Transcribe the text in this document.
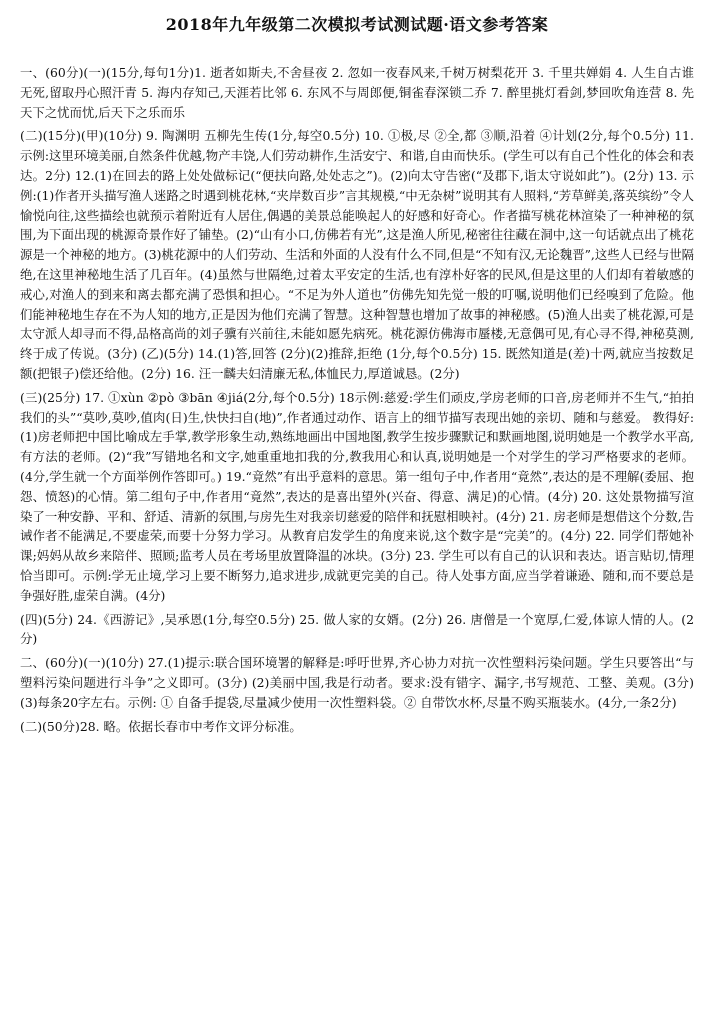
2018年九年级第二次模拟考试测试题·语文参考答案

一、(60分)(一)(15分,每句1分)1. 逝者如斯夫,不舍昼夜 2. 忽如一夜春风来,千树万树梨花开 3. 千里共婵娟 4. 人生自古谁无死,留取丹心照汗青 5. 海内存知己,天涯若比邻 6. 东风不与周郎便,铜雀春深锁二乔 7. 醉里挑灯看剑,梦回吹角连营 8. 先天下之忧而忧,后天下之乐而乐

(二)(15分)(甲)(10分) 9. 陶渊明 五柳先生传(1分,每空0.5分) 10. ①极,尽 ②全,都 ③顺,沿着 ④计划(2分,每个0.5分) 11. 示例:这里环境美丽,自然条件优越,物产丰饶,人们劳动耕作,生活安宁、和谐,自由而快乐。(学生可以有自己个性化的体会和表达。2分) 12.(1)在回去的路上处处做标记(“便扶向路,处处志之”)。(2)向太守告密(“及郡下,诣太守说如此”)。(2分) 13. 示例:(1)作者开头描写渔人迷路之时遇到桃花林,“夹岸数百步”言其规模,“中无杂树”说明其有人照料,“芳草鲜美,落英缤纷”令人愉悦向往,这些描绘也就预示着附近有人居住,偶遇的美景总能唤起人的好感和好奇心。作者描写桃花林渲染了一种神秘的氛围,为下面出现的桃源奇景作好了铺垫。(2)“山有小口,仿佛若有光”,这是渔人所见,秘密往往藏在洞中,这一句话就点出了桃花源是一个神秘的地方。(3)桃花源中的人们劳动、生活和外面的人没有什么不同,但是“不知有汉,无论魏晋”,这些人已经与世隔绝,在这里神秘地生活了几百年。(4)虽然与世隔绝,过着太平安定的生活,也有淳朴好客的民风,但是这里的人们却有着敏感的戒心,对渔人的到来和离去都充满了恐惧和担心。“不足为外人道也”仿佛先知先觉一般的叮嘱,说明他们已经嗅到了危险。他们能神秘地生存在不为人知的地方,正是因为他们充满了智慧。这种智慧也增加了故事的神秘感。(5)渔人出卖了桃花源,可是太守派人却寻而不得,品格高尚的刘子骥有兴前往,未能如愿先病死。桃花源仿佛海市蜃楼,无意偶可见,有心寻不得,神秘莫测,终于成了传说。(3分) (乙)(5分) 14.(1)答,回答 (2分)(2)推辞,拒绝 (1分,每个0.5分) 15. 既然知道是(差)十两,就应当按数足额(把银子)偿还给他。(2分) 16. 汪一麟夫妇清廉无私,体恤民力,厚道诚恳。(2分)

(三)(25分) 17. ①xùn ②pò ③bān ④jiá(2分,每个0.5分) 18示例:慈爱:学生们顽皮,学房老师的口音,房老师并不生气,“拍拍我们的头”“莫吵,莫吵,值肉(日)生,快快扫自(地)”,作者通过动作、语言上的细节描写表现出她的亲切、随和与慈爱。 教得好:(1)房老师把中国比喻成左手掌,教学形象生动,熟练地画出中国地图,教学生按步骤默记和默画地图,说明她是一个教学水平高,有方法的老师。(2)“我”写错地名和文字,她重重地扣我的分,教我用心和认真,说明她是一个对学生的学习严格要求的老师。(4分,学生就一个方面举例作答即可。) 19.“竟然”有出乎意料的意思。第一组句子中,作者用“竟然”,表达的是不理解(委屈、抱怨、愤怒)的心情。第二组句子中,作者用“竟然”,表达的是喜出望外(兴奋、得意、满足)的心情。(4分) 20. 这处景物描写渲染了一种安静、平和、舒适、清新的氛围,与房先生对我亲切慈爱的陪伴和抚慰相映衬。(4分) 21. 房老师是想借这个分数,告诫作者不能满足,不要虚荣,而要十分努力学习。从教育启发学生的角度来说,这个数字是“完美”的。(4分) 22. 同学们帮她补课;妈妈从故乡来陪伴、照顾;监考人员在考场里放置降温的冰块。(3分) 23. 学生可以有自己的认识和表达。语言贴切,情理恰当即可。示例:学无止境,学习上要不断努力,追求进步,成就更完美的自己。待人处事方面,应当学着谦逊、随和,而不要总是争强好胜,虚荣自满。(4分)

(四)(5分) 24.《西游记》,吴承恩(1分,每空0.5分) 25. 做人家的女婿。(2分) 26. 唐僧是一个宽厚,仁爱,体谅人情的人。(2分)

二、(60分)(一)(10分) 27.(1)提示:联合国环境署的解释是:呼吁世界,齐心协力对抗一次性塑料污染问题。学生只要答出“与塑料污染问题进行斗争”之义即可。(3分) (2)美丽中国,我是行动者。要求:没有错字、漏字,书写规范、工整、美观。(3分) (3)每条20字左右。示例: ① 自备手提袋,尽量减少使用一次性塑料袋。② 自带饮水杯,尽量不购买瓶装水。(4分,一条2分)

(二)(50分)28. 略。依据长春市中考作文评分标准。
